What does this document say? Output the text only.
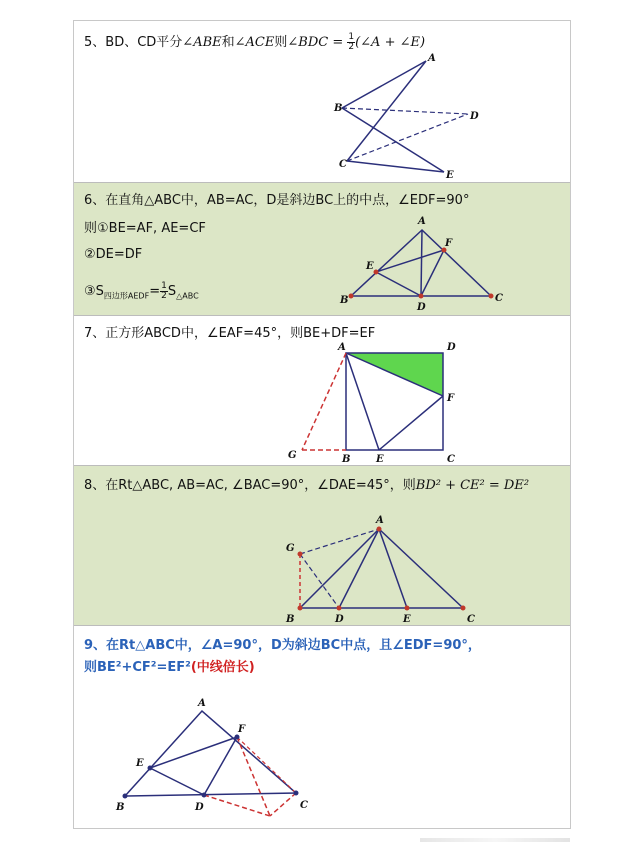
5、BD、CD平分∠ABE和∠ACE则∠BDC = $\frac{1}{2}$ (∠A + ∠E)
A
B
C
D
E
6、在直角△ABC中，AB=AC，D是斜边BC上的中点，∠EDF=90°
则①BE=AF, AE=CF
②DE=DF
$③S_{四边形AEDF}= \frac{1}{2} S_{\triangle ABC}$
A
B	C
D
E
F
7、正方形ABCD中，∠EAF=45°，则BE+DF=EF
A	D
F
G	B	E	C
8、在Rt△ABC, AB=AC, ∠BAC=90°，∠DAE=45°，则BD² + CE² = DE²
A
G
B	D	E	C
9、在Rt△ABC中，∠A=90°，D为斜边BC中点，且∠EDF=90°，
则BE²+CF²=EF²(中线倍长)
A
F
E
B	D	C
